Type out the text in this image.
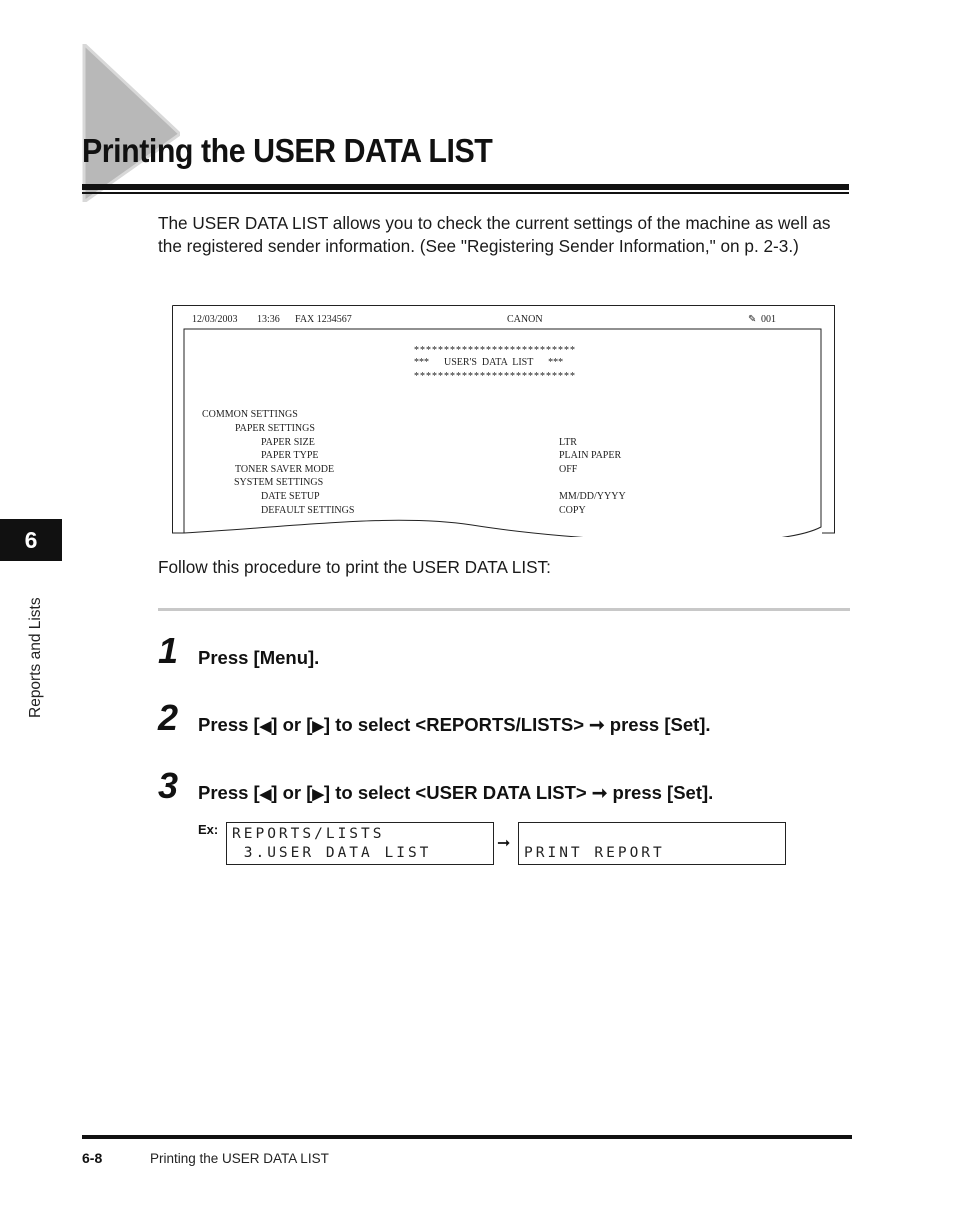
Printing the USER DATA LIST

The USER DATA LIST allows you to check the current settings of the machine as well as the registered sender information. (See "Registering Sender Information," on p. 2-3.)

12/03/2003 13:36 FAX 1234567	CANON	✎ 001
***************************
***      USER'S  DATA  LIST      ***
***************************
COMMON SETTINGS
PAPER SETTINGS
PAPER SIZE	LTR
PAPER TYPE	PLAIN PAPER
TONER SAVER MODE	OFF
SYSTEM SETTINGS
DATE SETUP	MM/DD/YYYY
DEFAULT SETTINGS	COPY

Follow this procedure to print the USER DATA LIST:

1 Press [Menu].
2 Press [◀] or [▶] to select <REPORTS/LISTS> ➞ press [Set].
3 Press [◀] or [▶] to select <USER DATA LIST> ➞ press [Set].
Ex: REPORTS/LISTS
3.USER DATA LIST
➞
PRINT REPORT
6
Reports and Lists
6-8	Printing the USER DATA LIST
